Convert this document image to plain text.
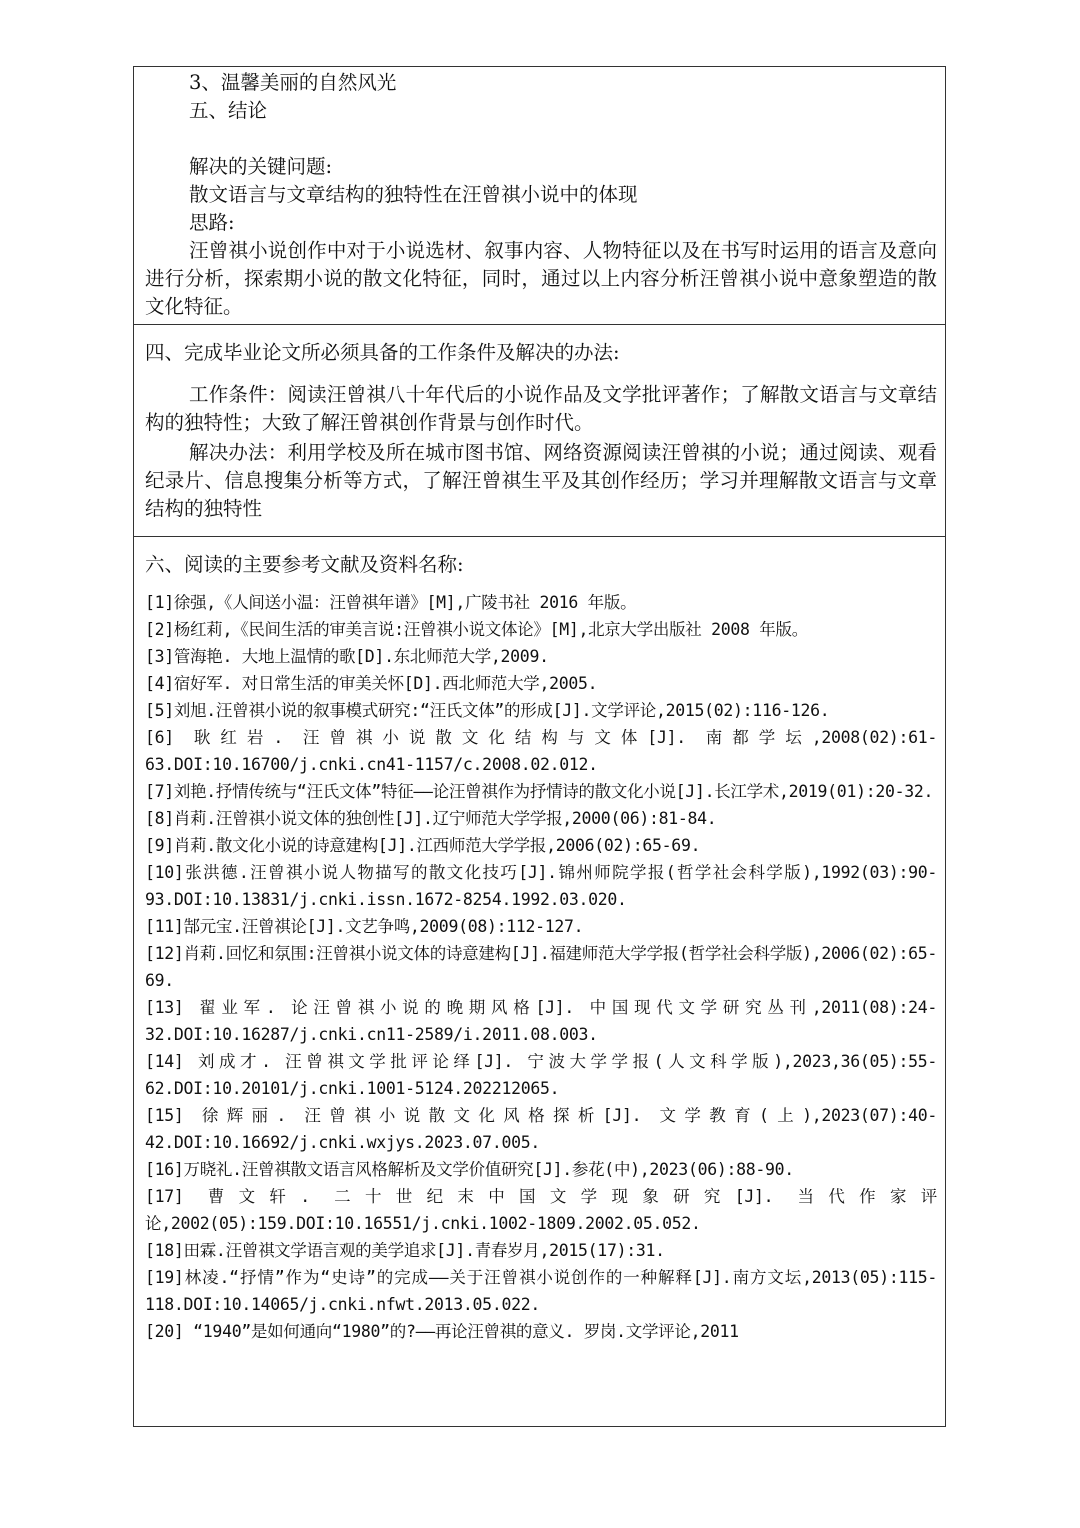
3、温馨美丽的自然风光

五、结论

解决的关键问题:

散文语言与文章结构的独特性在汪曾祺小说中的体现

思路:

汪曾祺小说创作中对于小说选材、叙事内容、人物特征以及在书写时运用的语言及意向进行分析，探索期小说的散文化特征，同时，通过以上内容分析汪曾祺小说中意象塑造的散文化特征。

四、完成毕业论文所必须具备的工作条件及解决的办法:

工作条件：阅读汪曾祺八十年代后的小说作品及文学批评著作；了解散文语言与文章结构的独特性；大致了解汪曾祺创作背景与创作时代。

解决办法：利用学校及所在城市图书馆、网络资源阅读汪曾祺的小说；通过阅读、观看纪录片、信息搜集分析等方式，了解汪曾祺生平及其创作经历；学习并理解散文语言与文章结构的独特性

六、阅读的主要参考文献及资料名称:

[1]徐强,《人间送小温：汪曾祺年谱》[M],广陵书社 2016 年版。

[2]杨红莉,《民间生活的审美言说:汪曾祺小说文体论》[M],北京大学出版社 2008 年版。

[3]管海艳. 大地上温情的歌[D].东北师范大学,2009.

[4]宿好军. 对日常生活的审美关怀[D].西北师范大学,2005.

[5]刘旭.汪曾祺小说的叙事模式研究:“汪氏文体”的形成[J].文学评论,2015(02):116-126.

[6] 耿红岩. 汪曾祺小说散文化结构与文体[J]. 南都学坛,2008(02):61-63.DOI:10.16700/j.cnki.cn41-1157/c.2008.02.012.

[7]刘艳.抒情传统与“汪氏文体”特征——论汪曾祺作为抒情诗的散文化小说[J].长江学术,2019(01):20-32.

[8]肖莉.汪曾祺小说文体的独创性[J].辽宁师范大学学报,2000(06):81-84.

[9]肖莉.散文化小说的诗意建构[J].江西师范大学学报,2006(02):65-69.

[10]张洪德.汪曾祺小说人物描写的散文化技巧[J].锦州师院学报(哲学社会科学版),1992(03):90-93.DOI:10.13831/j.cnki.issn.1672-8254.1992.03.020.

[11]郜元宝.汪曾祺论[J].文艺争鸣,2009(08):112-127.

[12]肖莉.回忆和氛围:汪曾祺小说文体的诗意建构[J].福建师范大学学报(哲学社会科学版),2006(02):65-69.

[13] 翟业军. 论汪曾祺小说的晚期风格[J]. 中国现代文学研究丛刊,2011(08):24-32.DOI:10.16287/j.cnki.cn11-2589/i.2011.08.003.

[14] 刘成才. 汪曾祺文学批评论绎[J]. 宁波大学学报(人文科学版),2023,36(05):55-62.DOI:10.20101/j.cnki.1001-5124.202212065.

[15] 徐辉丽. 汪曾祺小说散文化风格探析[J]. 文学教育(上),2023(07):40-42.DOI:10.16692/j.cnki.wxjys.2023.07.005.

[16]万晓礼.汪曾祺散文语言风格解析及文学价值研究[J].参花(中),2023(06):88-90.

[17] 曹文轩. 二十世纪末中国文学现象研究[J]. 当代作家评论,2002(05):159.DOI:10.16551/j.cnki.1002-1809.2002.05.052.

[18]田霖.汪曾祺文学语言观的美学追求[J].青春岁月,2015(17):31.

[19]林凌.“抒情”作为“史诗”的完成——关于汪曾祺小说创作的一种解释[J].南方文坛,2013(05):115-118.DOI:10.14065/j.cnki.nfwt.2013.05.022.

[20] “1940”是如何通向“1980”的?——再论汪曾祺的意义. 罗岗.文学评论,2011
